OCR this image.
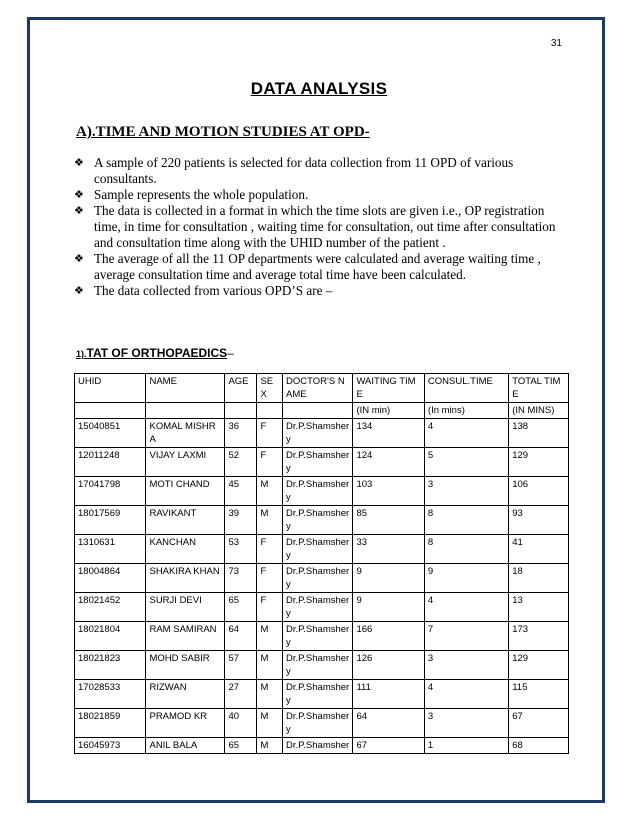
31
DATA ANALYSIS
A).TIME AND MOTION STUDIES AT OPD-
❖ A sample of 220 patients is selected for data collection from 11 OPD of various consultants.
❖ Sample represents the whole population.
❖ The data is collected in a format in which the time slots are given i.e., OP registration time, in time for consultation , waiting time for consultation, out time after consultation and consultation time along with the UHID number of the patient .
❖ The average of all the 11 OP departments were calculated and average waiting time , average consultation time and average total time have been calculated.
❖ The data collected from various OPD’S are –
1).TAT OF ORTHOPAEDICS–
UHID	NAME	AGE	SEX	DOCTOR'S NAME	WAITING TIME	CONSUL.TIME	TOTAL TIME
					(IN min)	(In mins)	(IN MINS)
15040851	KOMAL MISHRA	36	F	Dr.P.Shamsher y	134	4	138
12011248	VIJAY LAXMI	52	F	Dr.P.Shamsher y	124	5	129
17041798	MOTI CHAND	45	M	Dr.P.Shamsher y	103	3	106
18017569	RAVIKANT	39	M	Dr.P.Shamsher y	85	8	93
1310631	KANCHAN	53	F	Dr.P.Shamsher y	33	8	41
18004864	SHAKIRA KHAN	73	F	Dr.P.Shamsher y	9	9	18
18021452	SURJI DEVI	65	F	Dr.P.Shamsher y	9	4	13
18021804	RAM SAMIRAN	64	M	Dr.P.Shamsher y	166	7	173
18021823	MOHD SABIR	57	M	Dr.P.Shamsher y	126	3	129
17028533	RIZWAN	27	M	Dr.P.Shamsher y	111	4	115
18021859	PRAMOD KR	40	M	Dr.P.Shamsher y	64	3	67
16045973	ANIL BALA	65	M	Dr.P.Shamsher	67	1	68
